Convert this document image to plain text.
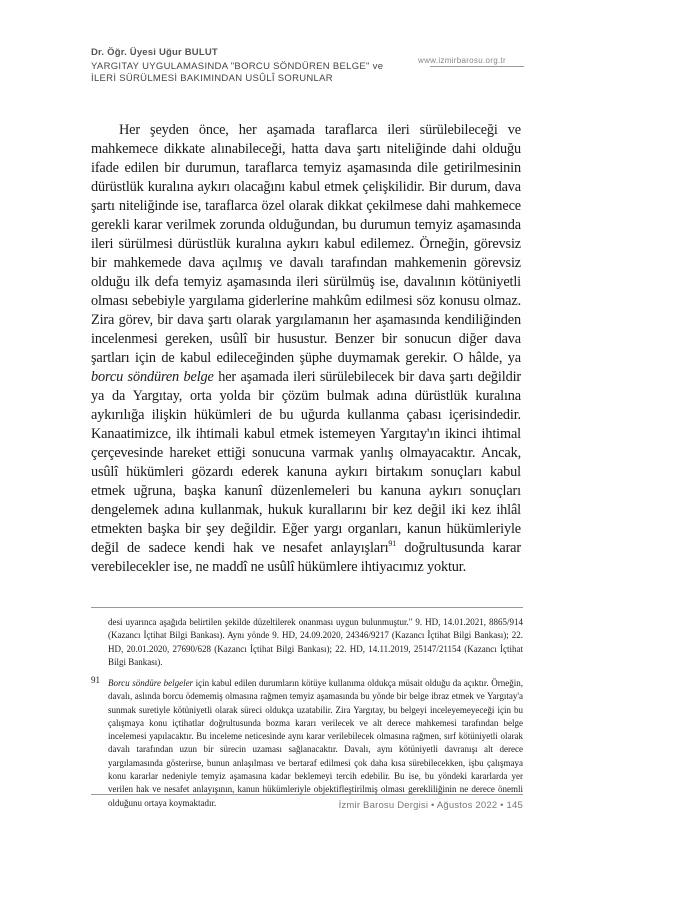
Dr. Öğr. Üyesi Uğur BULUT
YARGITAY UYGULAMASINDA "BORCU SÖNDÜREN BELGE" ve
İLERİ SÜRÜLMESİ BAKIMINDAN USÛLÎ SORUNLAR
www.izmirbarosu.org.tr

Her şeyden önce, her aşamada taraflarca ileri sürülebileceği ve mahkemece dikkate alınabileceği, hatta dava şartı niteliğinde dahi olduğu ifade edilen bir durumun, taraflarca temyiz aşamasında dile getirilmesinin dürüstlük kuralına aykırı olacağını kabul etmek çelişkilidir. Bir durum, dava şartı niteliğinde ise, taraflarca özel olarak dikkat çekilmese dahi mahkemece gerekli karar verilmek zorunda olduğundan, bu durumun temyiz aşamasında ileri sürülmesi dürüstlük kuralına aykırı kabul edilemez. Örneğin, görevsiz bir mahkemede dava açılmış ve davalı tarafından mahkemenin görevsiz olduğu ilk defa temyiz aşamasında ileri sürülmüş ise, davalının kötüniyetli olması sebebiyle yargılama giderlerine mahkûm edilmesi söz konusu olmaz. Zira görev, bir dava şartı olarak yargılamanın her aşamasında kendiliğinden incelenmesi gereken, usûlî bir husustur. Benzer bir sonucun diğer dava şartları için de kabul edileceğinden şüphe duymamak gerekir. O hâlde, ya borcu söndüren belge her aşamada ileri sürülebilecek bir dava şartı değildir ya da Yargıtay, orta yolda bir çözüm bulmak adına dürüstlük kuralına aykırılığa ilişkin hükümleri de bu uğurda kullanma çabası içerisindedir. Kanaatimizce, ilk ihtimali kabul etmek istemeyen Yargıtay'ın ikinci ihtimal çerçevesinde hareket ettiği sonucuna varmak yanlış olmayacaktır. Ancak, usûlî hükümleri gözardı ederek kanuna aykırı birtakım sonuçları kabul etmek uğruna, başka kanunî düzenlemeleri bu kanuna aykırı sonuçları dengelemek adına kullanmak, hukuk kurallarını bir kez değil iki kez ihlâl etmekten başka bir şey değildir. Eğer yargı organları, kanun hükümleriyle değil de sadece kendi hak ve nesafet anlayışları$^{91}$ doğrultusunda karar verebilecekler ise, ne maddî ne usûlî hükümlere ihtiyacımız yoktur.

desi uyarınca aşağıda belirtilen şekilde düzeltilerek onanması uygun bulunmuştur." 9. HD, 14.01.2021, 8865/914 (Kazancı İçtihat Bilgi Bankası). Aynı yönde 9. HD, 24.09.2020, 24346/9217 (Kazancı İçtihat Bilgi Bankası); 22. HD, 20.01.2020, 27690/628 (Kazancı İçtihat Bilgi Bankası); 22. HD, 14.11.2019, 25147/21154 (Kazancı İçtihat Bilgi Bankası).
91 Borcu söndüre belgeler için kabul edilen durumların kötüye kullanıma oldukça müsait olduğu da açıktır. Örneğin, davalı, aslında borcu ödememiş olmasına rağmen temyiz aşamasında bu yönde bir belge ibraz etmek ve Yargıtay'a sunmak suretiyle kötüniyetli olarak süreci oldukça uzatabilir. Zira Yargıtay, bu belgeyi inceleyemeyeceği için bu çalışmaya konu içtihatlar doğrultusunda bozma kararı verilecek ve alt derece mahkemesi tarafından belge incelemesi yapılacaktır. Bu inceleme neticesinde aynı karar verilebilecek olmasına rağmen, sırf kötüniyetli olarak davalı tarafından uzun bir sürecin uzaması sağlanacaktır. Davalı, aynı kötüniyetli davranışı alt derece yargılamasında gösterirse, bunun anlaşılması ve bertaraf edilmesi çok daha kısa sürebilecekken, işbu çalışmaya konu kararlar nedeniyle temyiz aşamasına kadar beklemeyi tercih edebilir. Bu ise, bu yöndeki kararlarda yer verilen hak ve nesafet anlayışının, kanun hükümleriyle objektifleştirilmiş olması gerekliliğinin ne derece önemli olduğunu ortaya koymaktadır.	İzmir Barosu Dergisi • Ağustos 2022 • 145
